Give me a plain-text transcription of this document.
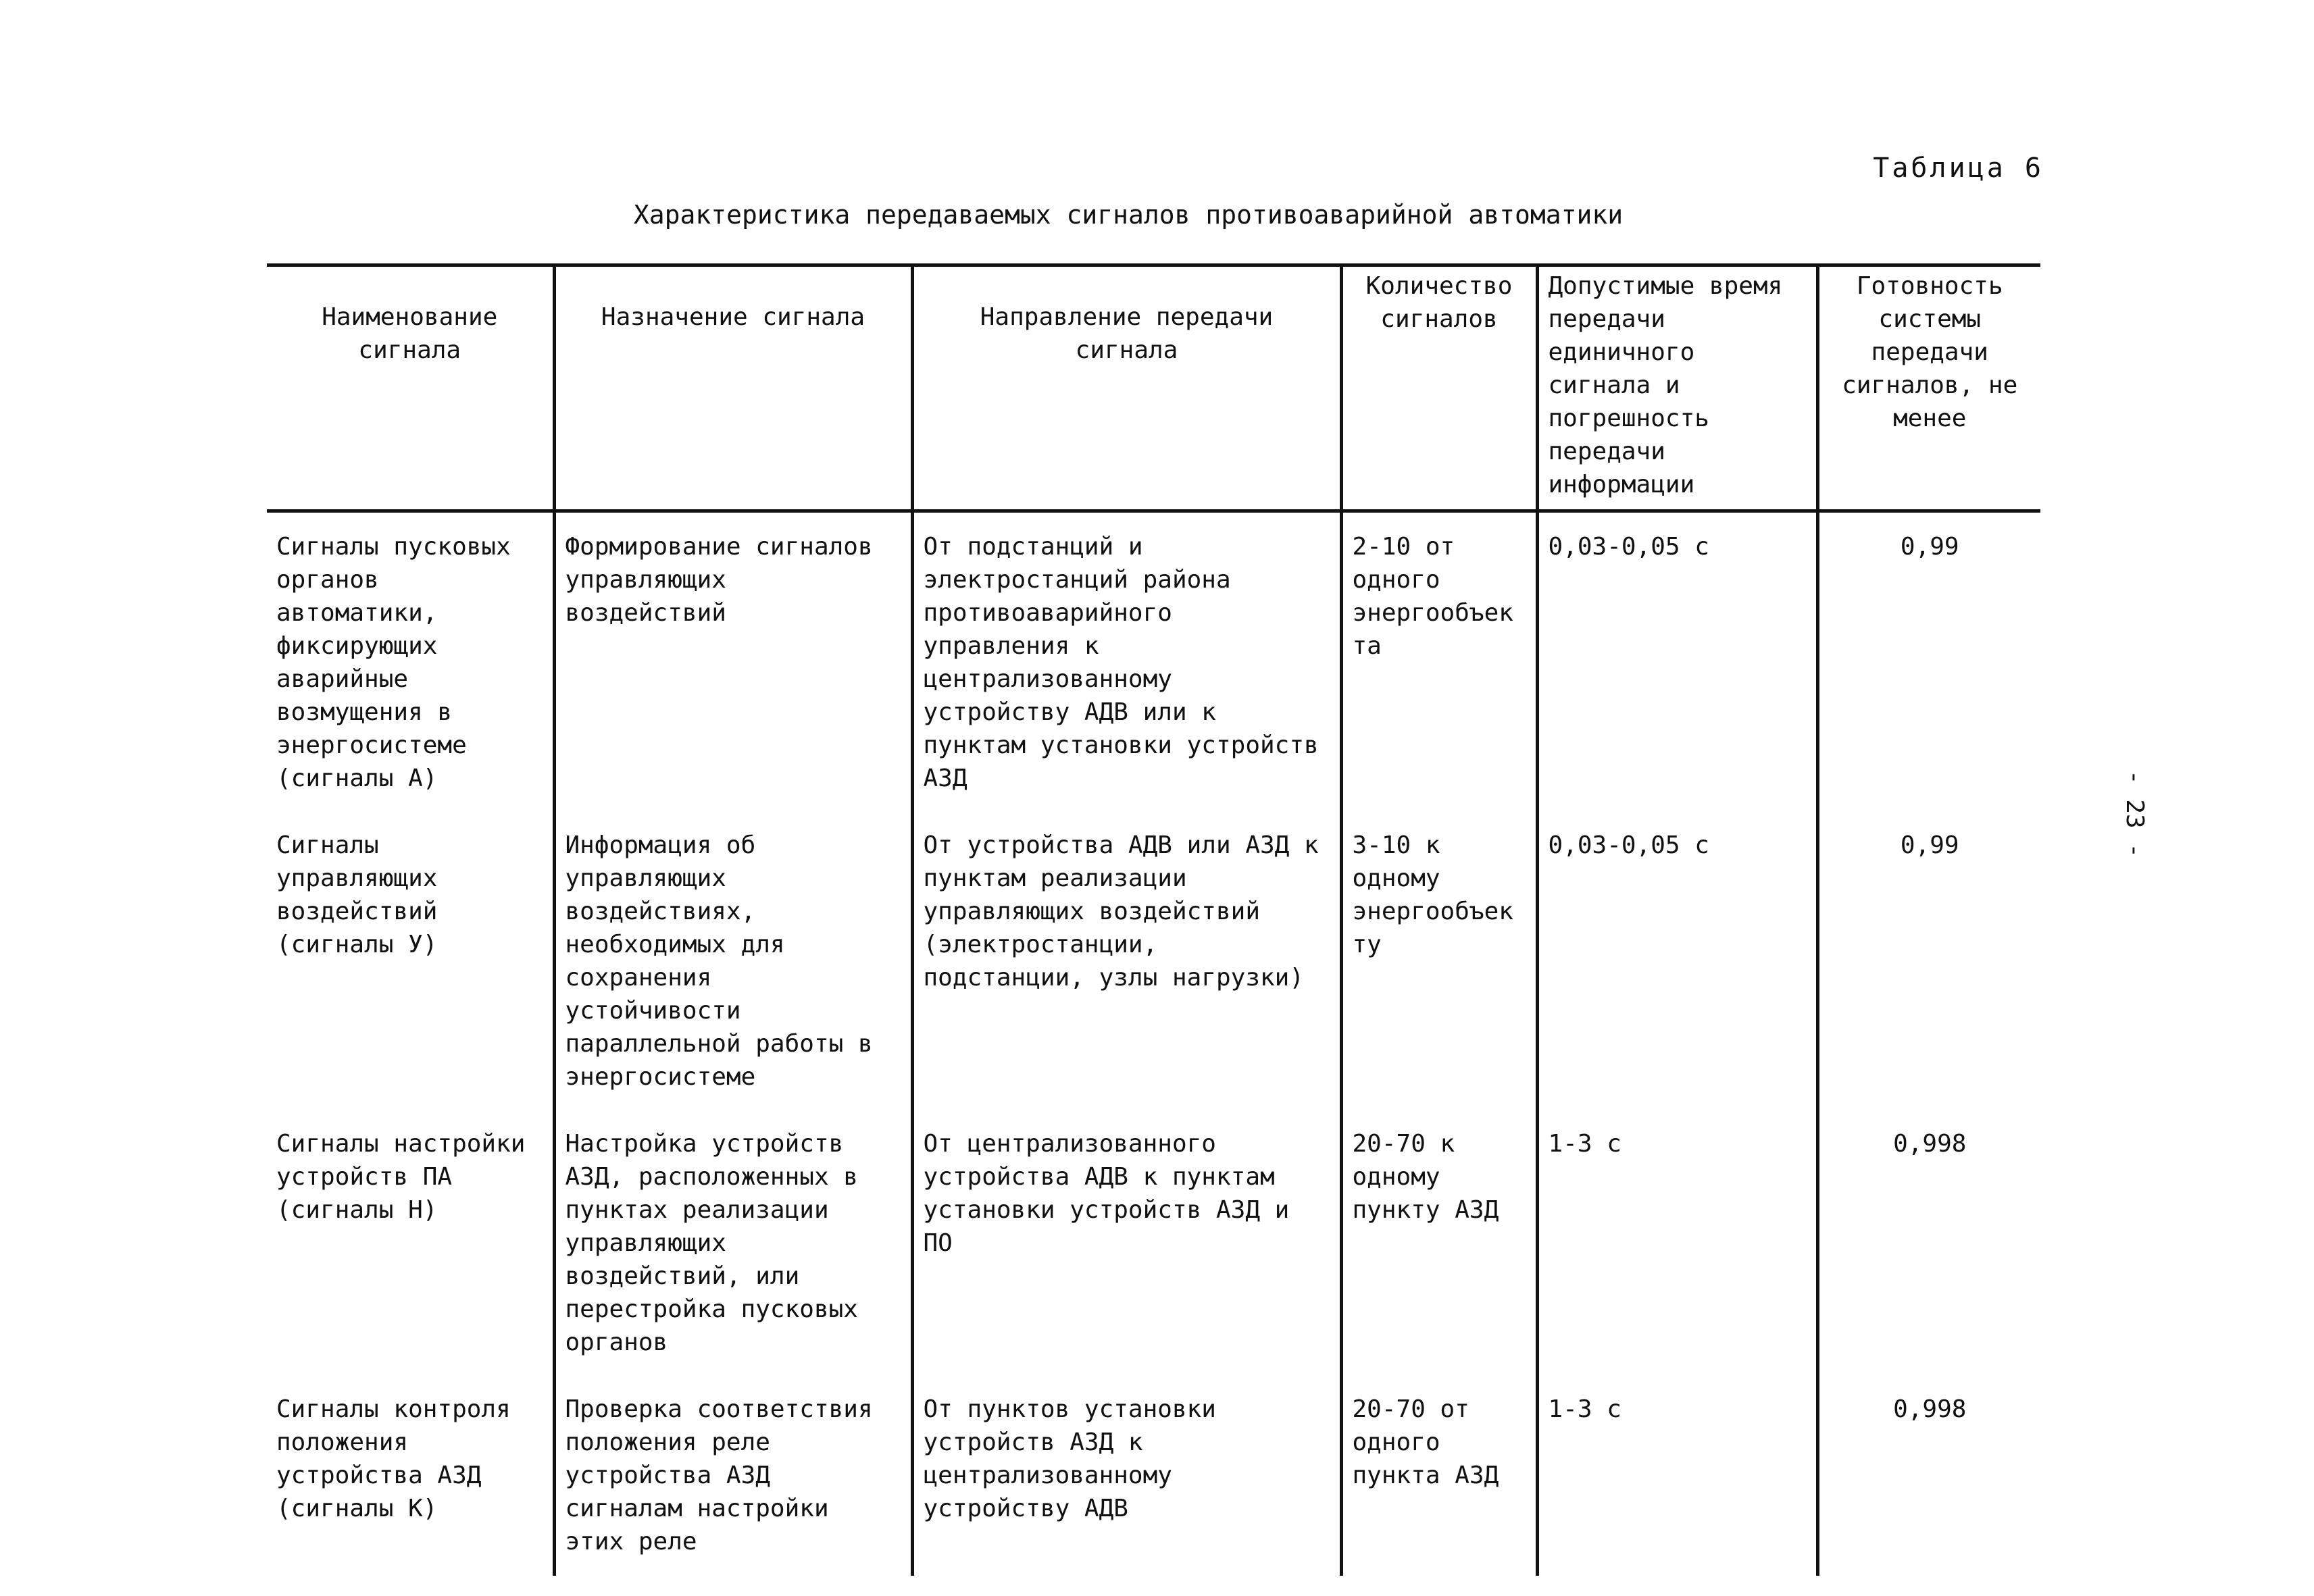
Таблица 6
Характеристика передаваемых сигналов противоаварийной автоматики
- 23 -
Наименование сигнала	Назначение сигнала	Направление передачи сигнала	Количество сигналов	Допустимые время передачи единичного сигнала и погрешность передачи информации	Готовность системы передачи сигналов, не менее
Сигналы пусковых органов автоматики, фиксирующих аварийные возмущения в энергосистеме (сигналы А)	Формирование сигналов управляющих воздействий	От подстанций и электростанций района противоаварийного управления к централизованному устройству АДВ или к пунктам установки устройств АЗД	2-10 от одного энергообъекта	0,03-0,05 с	0,99
Сигналы управляющих воздействий (сигналы У)	Информация об управляющих воздействиях, необходимых для сохранения устойчивости параллельной работы в энергосистеме	От устройства АДВ или АЗД к пунктам реализации управляющих воздействий (электростанции, подстанции, узлы нагрузки)	3-10 к одному энергообъекту	0,03-0,05 с	0,99
Сигналы настройки устройств ПА (сигналы Н)	Настройка устройств АЗД, расположенных в пунктах реализации управляющих воздействий, или перестройка пусковых органов	От централизованного устройства АДВ к пунктам установки устройств АЗД и ПО	20-70 к одному пункту АЗД	1-3 с	0,998
Сигналы контроля положения устройства АЗД (сигналы К)	Проверка соответствия положения реле устройства АЗД сигналам настройки этих реле	От пунктов установки устройств АЗД к централизованному устройству АДВ	20-70 от одного пункта АЗД	1-3 с	0,998
